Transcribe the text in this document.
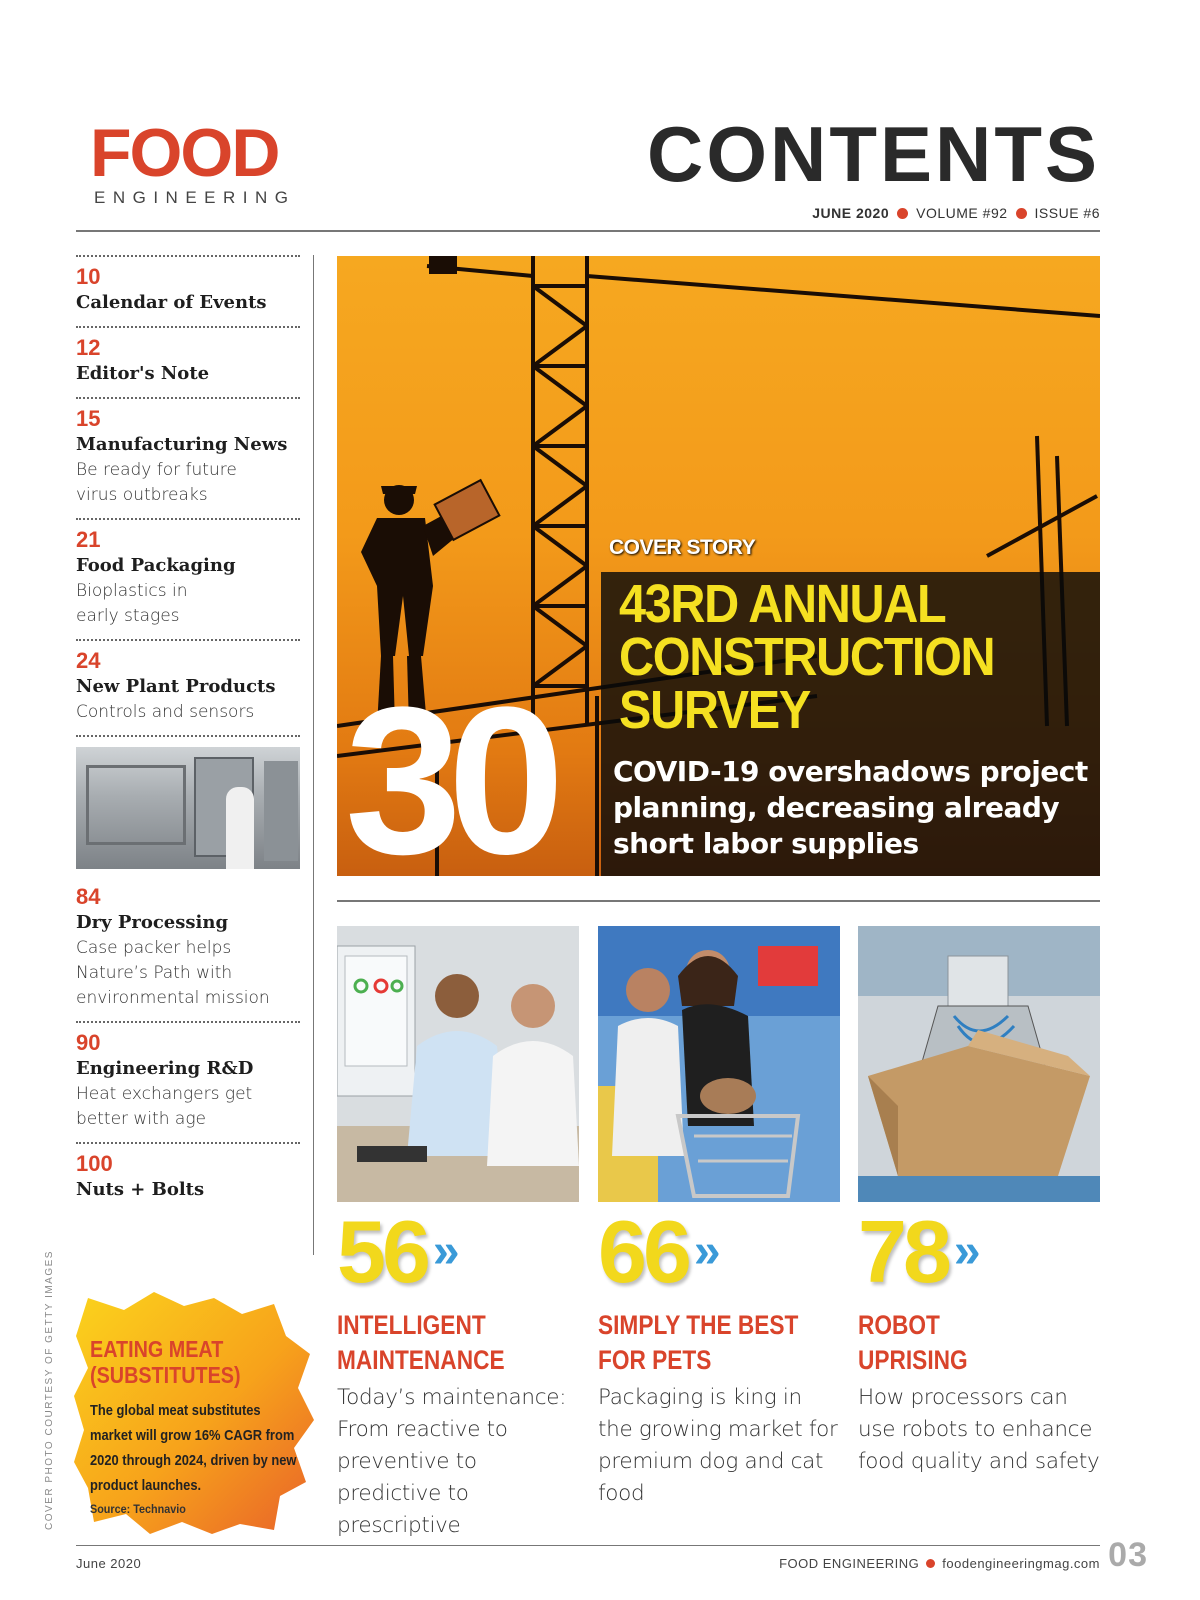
FOOD
ENGINEERING	CONTENTS
JUNE 2020 VOLUME #92 ISSUE #6
10
Calendar of Events
12
Editor's Note
15
Manufacturing News
Be ready for future virus outbreaks
21
Food Packaging
Bioplastics in early stages
24
New Plant Products
Controls and sensors
84
Dry Processing
Case packer helps Nature’s Path with environmental mission
90
Engineering R&D
Heat exchangers get better with age
100
Nuts + Bolts
EATING MEAT
(SUBSTITUTES)
The global meat substitutes market will grow 16% CAGR from 2020 through 2024, driven by new product launches.
Source: Technavio
COVER PHOTO COURTESY OF GETTY IMAGES
COVER STORY
43RD ANNUAL
CONSTRUCTION
SURVEY
30 COVID-19 overshadows project planning, decreasing already short labor supplies
56 »
INTELLIGENT
MAINTENANCE
Today’s maintenance: From reactive to preventive to predictive to prescriptive
66 »
SIMPLY THE BEST
FOR PETS
Packaging is king in the growing market for premium dog and cat food
78 »
ROBOT
UPRISING
How processors can use robots to enhance food quality and safety
June 2020	FOOD ENGINEERING foodengineeringmag.com 03
